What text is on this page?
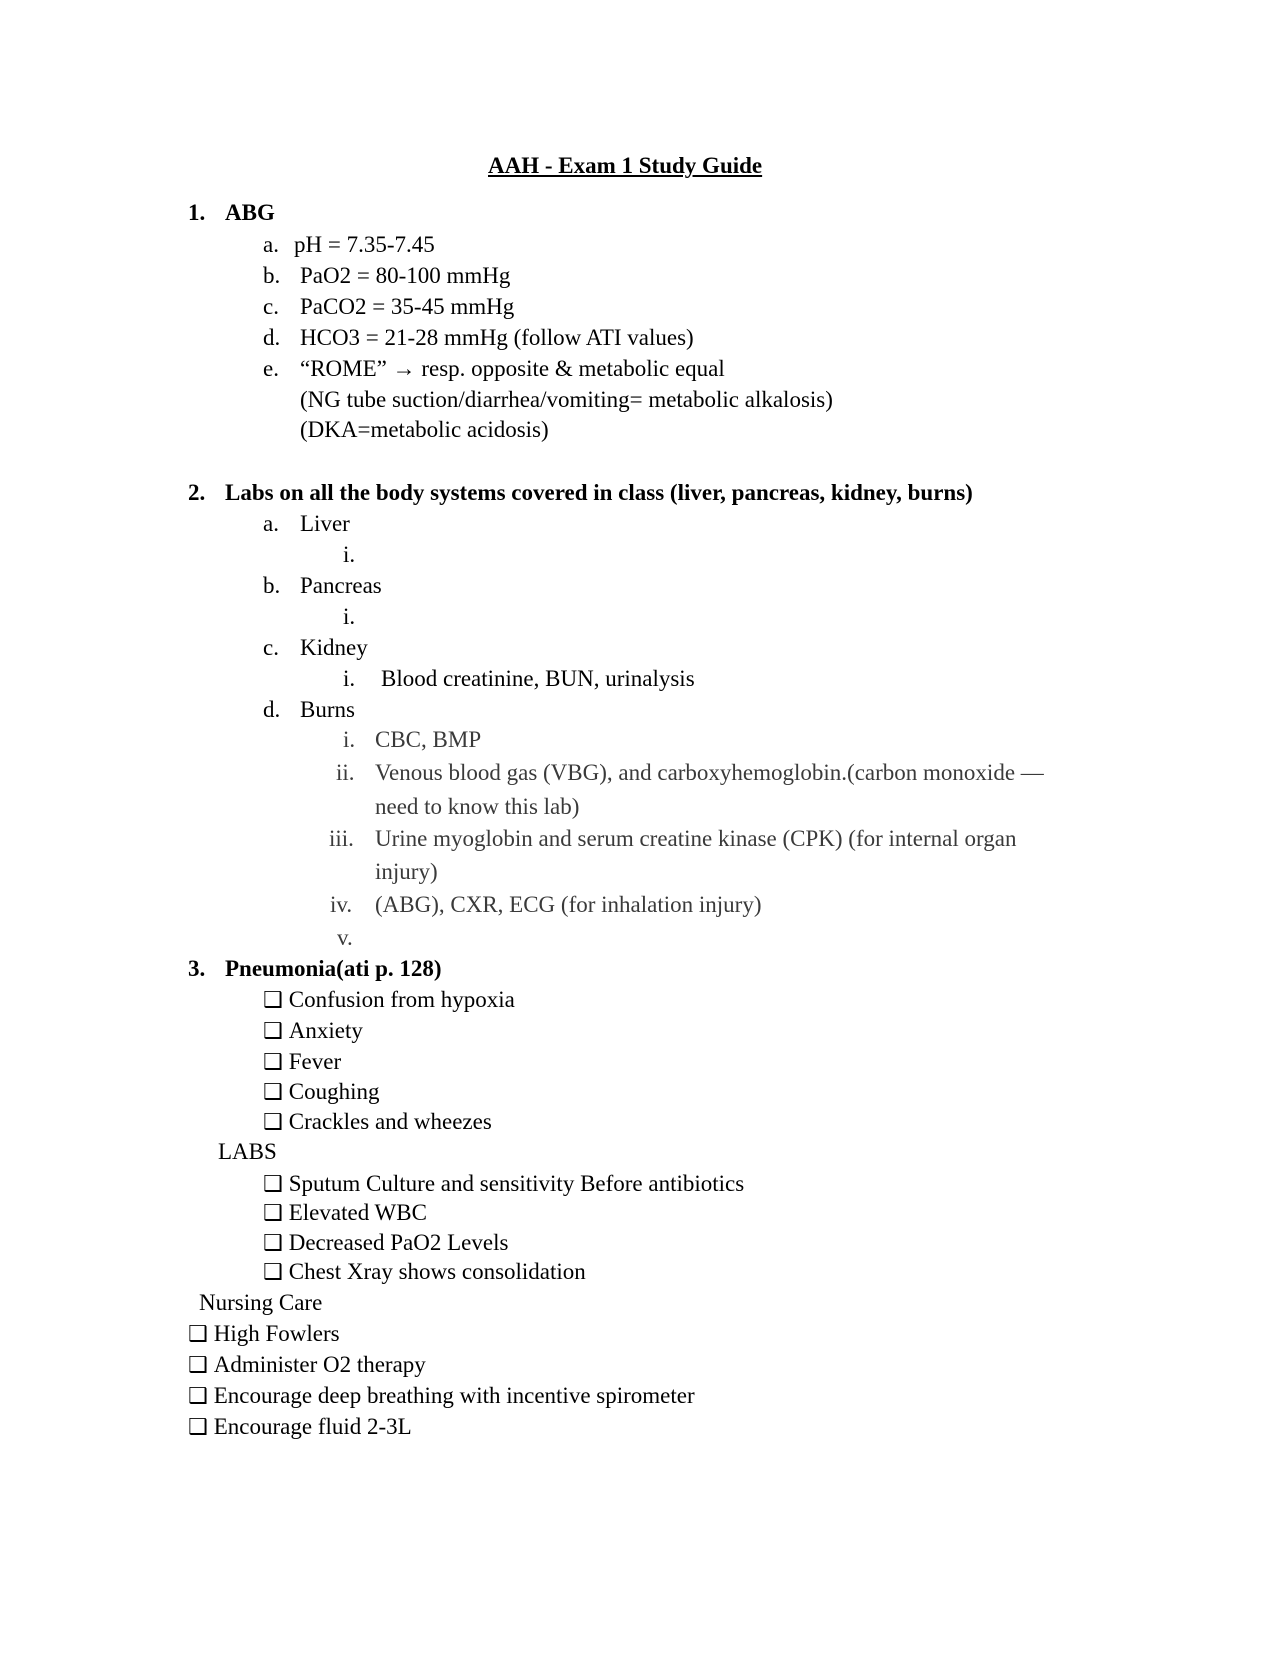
AAH - Exam 1 Study Guide
1. ABG
a. pH = 7.35-7.45
b. PaO2 = 80-100 mmHg
c. PaCO2 = 35-45 mmHg
d. HCO3 = 21-28 mmHg (follow ATI values)
e. “ROME” → resp. opposite & metabolic equal
(NG tube suction/diarrhea/vomiting= metabolic alkalosis)
(DKA=metabolic acidosis)
2. Labs on all the body systems covered in class (liver, pancreas, kidney, burns)
a. Liver
i.
b. Pancreas
i.
c. Kidney
i. Blood creatinine, BUN, urinalysis
d. Burns
i. CBC, BMP
ii. Venous blood gas (VBG), and carboxyhemoglobin.(carbon monoxide —
need to know this lab)
iii. Urine myoglobin and serum creatine kinase (CPK) (for internal organ
injury)
iv. (ABG), CXR, ECG (for inhalation injury)
v.
3. Pneumonia(ati p. 128)
❑ Confusion from hypoxia
❑ Anxiety
❑ Fever
❑ Coughing
❑ Crackles and wheezes
LABS
❑ Sputum Culture and sensitivity Before antibiotics
❑ Elevated WBC
❑ Decreased PaO2 Levels
❑ Chest Xray shows consolidation
Nursing Care
❑ High Fowlers
❑ Administer O2 therapy
❑ Encourage deep breathing with incentive spirometer
❑ Encourage fluid 2-3L
